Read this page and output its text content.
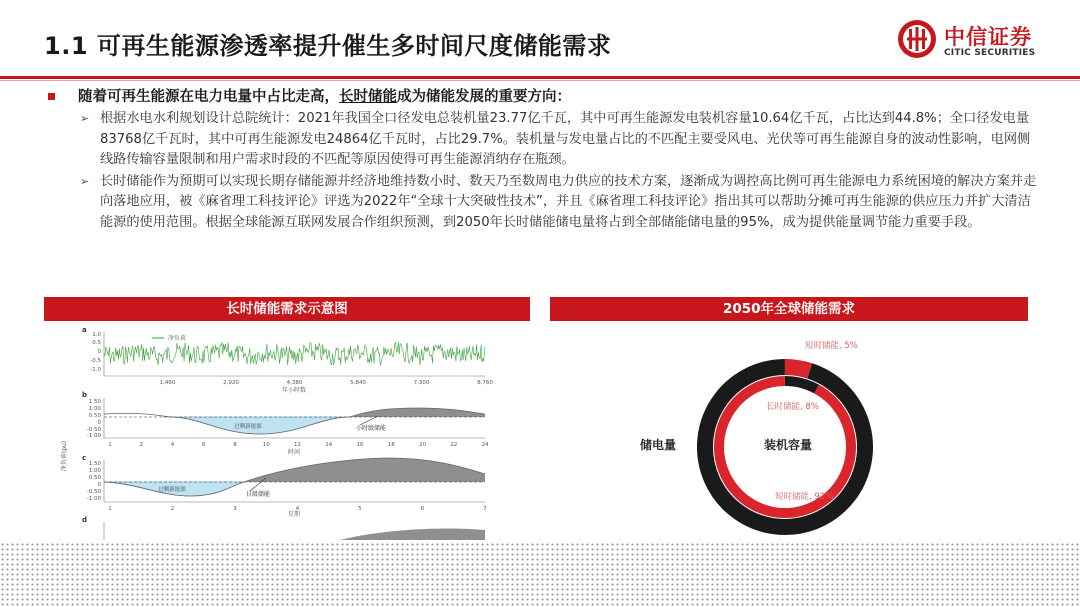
1.1 可再生能源渗透率提升催生多时间尺度储能需求	中信证券
CITIC SECURITIES
随着可再生能源在电力电量中占比走高，长时储能成为储能发展的重要方向：
➢ 根据水电水利规划设计总院统计：2021年我国全口径发电总装机量23.77亿千瓦，其中可再生能源发电装机容量10.64亿千瓦，占比达到44.8%；全口径发电量83768亿千瓦时，其中可再生能源发电24864亿千瓦时，占比29.7%。装机量与发电量占比的不匹配主要受风电、光伏等可再生能源自身的波动性影响，电网侧线路传输容量限制和用户需求时段的不匹配等原因使得可再生能源消纳存在瓶颈。
➢ 长时储能作为预期可以实现长期存储能源并经济地维持数小时、数天乃至数周电力供应的技术方案，逐渐成为调控高比例可再生能源电力系统困境的解决方案并走向落地应用，被《麻省理工科技评论》评选为2022年“全球十大突破性技术”，并且《麻省理工科技评论》指出其可以帮助分摊可再生能源的供应压力并扩大清洁能源的使用范围。根据全球能源互联网发展合作组织预测，到2050年长时储能储电量将占到全部储能储电量的95%，成为提供能量调节能力重要手段。
长时储能需求示意图	2050年全球储能需求
净负荷(pu)
a
1.0
0.5
0
-0.5
-1.0
净负荷
1,460	2,920	4,380	5,840	7,300	8,760
年小时数
b
1.50
1.00
0.50
0
-0.50
-1.00
过剩新能源	小时级储能
1	2	4	6	8	10	12	14	16	18	20	22	24
时间
c
1.50
1.00
0.50
0
-0.50
-1.00
过剩新能源
日级储能
1	2	3	4	5	6	7
星期
d
储电量	装机容量
短时储能, 5%
长时储能, 8%
短时储能, 92%
